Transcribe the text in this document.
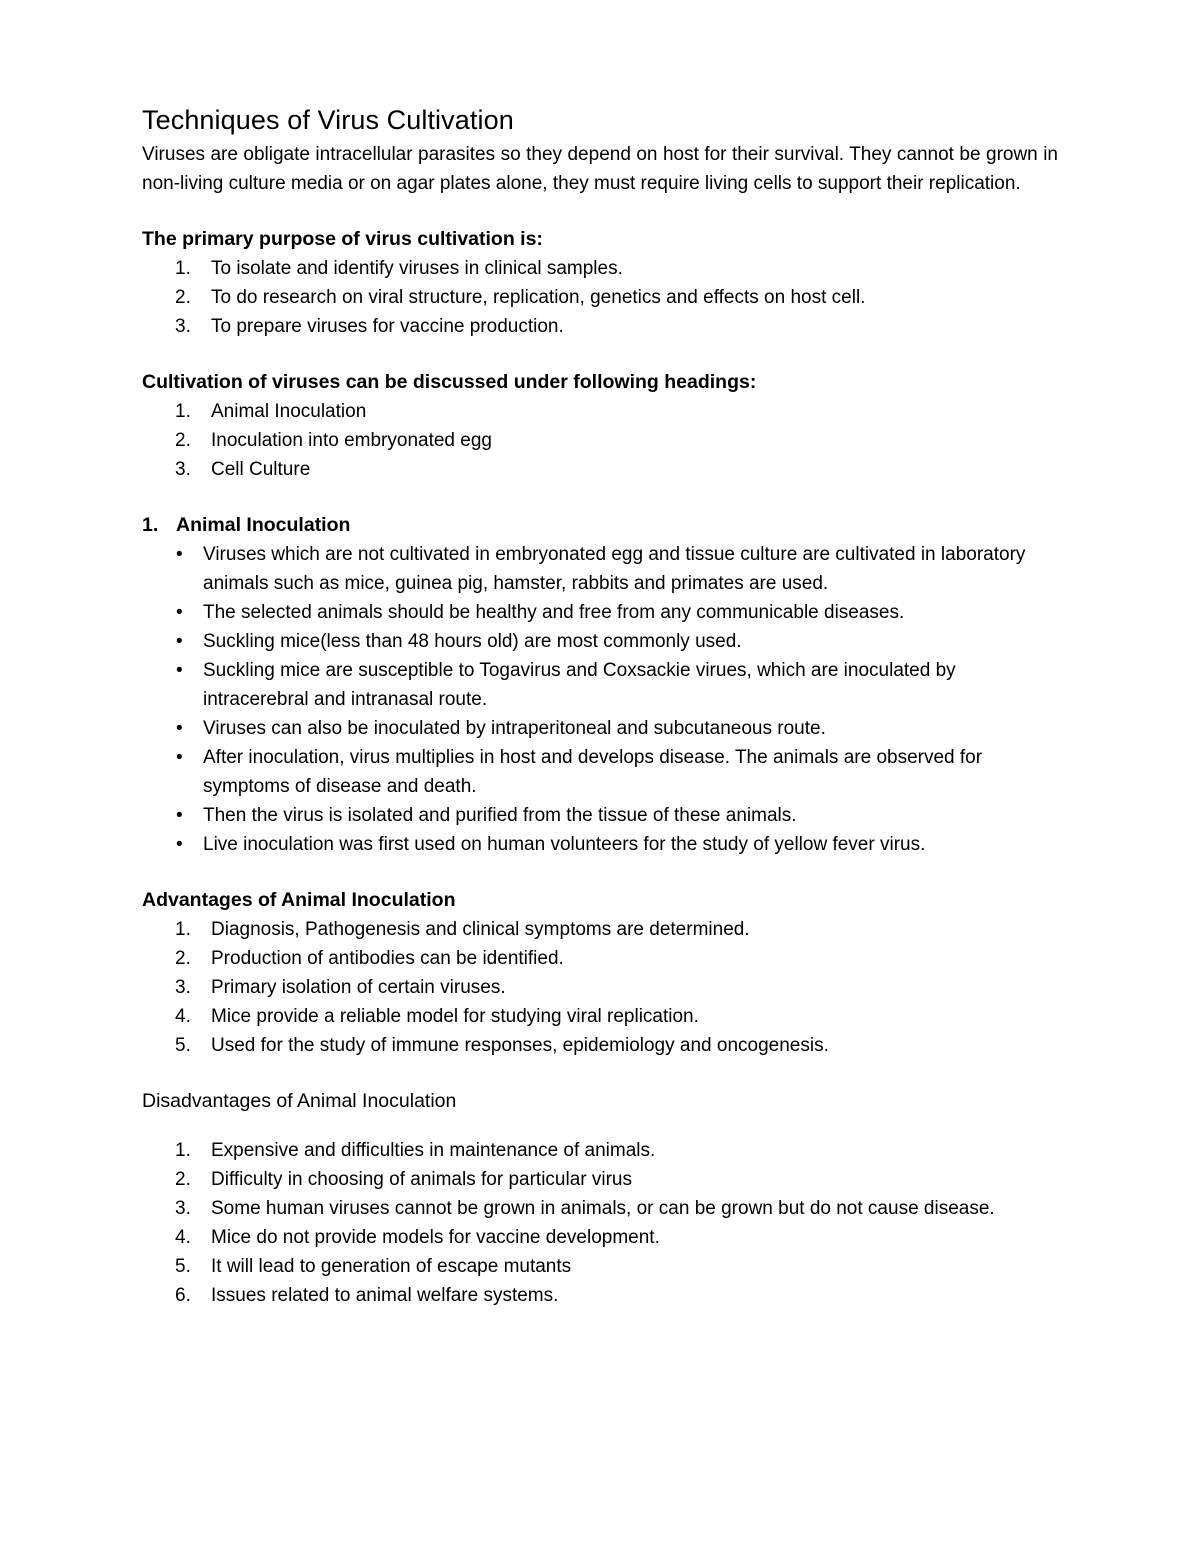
Techniques of Virus Cultivation

Viruses are obligate intracellular parasites so they depend on host for their survival. They cannot be grown in non-living culture media or on agar plates alone, they must require living cells to support their replication.

The primary purpose of virus cultivation is:

1. To isolate and identify viruses in clinical samples.
2. To do research on viral structure, replication, genetics and effects on host cell.
3. To prepare viruses for vaccine production.

Cultivation of viruses can be discussed under following headings:

1. Animal Inoculation
2. Inoculation into embryonated egg
3. Cell Culture

1. Animal Inoculation

• Viruses which are not cultivated in embryonated egg and tissue culture are cultivated in laboratory animals such as mice, guinea pig, hamster, rabbits and primates are used.
• The selected animals should be healthy and free from any communicable diseases.
• Suckling mice(less than 48 hours old) are most commonly used.
• Suckling mice are susceptible to Togavirus and Coxsackie virues, which are inoculated by intracerebral and intranasal route.
• Viruses can also be inoculated by intraperitoneal and subcutaneous route.
• After inoculation, virus multiplies in host and develops disease. The animals are observed for symptoms of disease and death.
• Then the virus is isolated and purified from the tissue of these animals.
• Live inoculation was first used on human volunteers for the study of yellow fever virus.

Advantages of Animal Inoculation

1. Diagnosis, Pathogenesis and clinical symptoms are determined.
2. Production of antibodies can be identified.
3. Primary isolation of certain viruses.
4. Mice provide a reliable model for studying viral replication.
5. Used for the study of immune responses, epidemiology and oncogenesis.

Disadvantages of Animal Inoculation

1. Expensive and difficulties in maintenance of animals.
2. Difficulty in choosing of animals for particular virus
3. Some human viruses cannot be grown in animals, or can be grown but do not cause disease.
4. Mice do not provide models for vaccine development.
5. It will lead to generation of escape mutants
6. Issues related to animal welfare systems.
